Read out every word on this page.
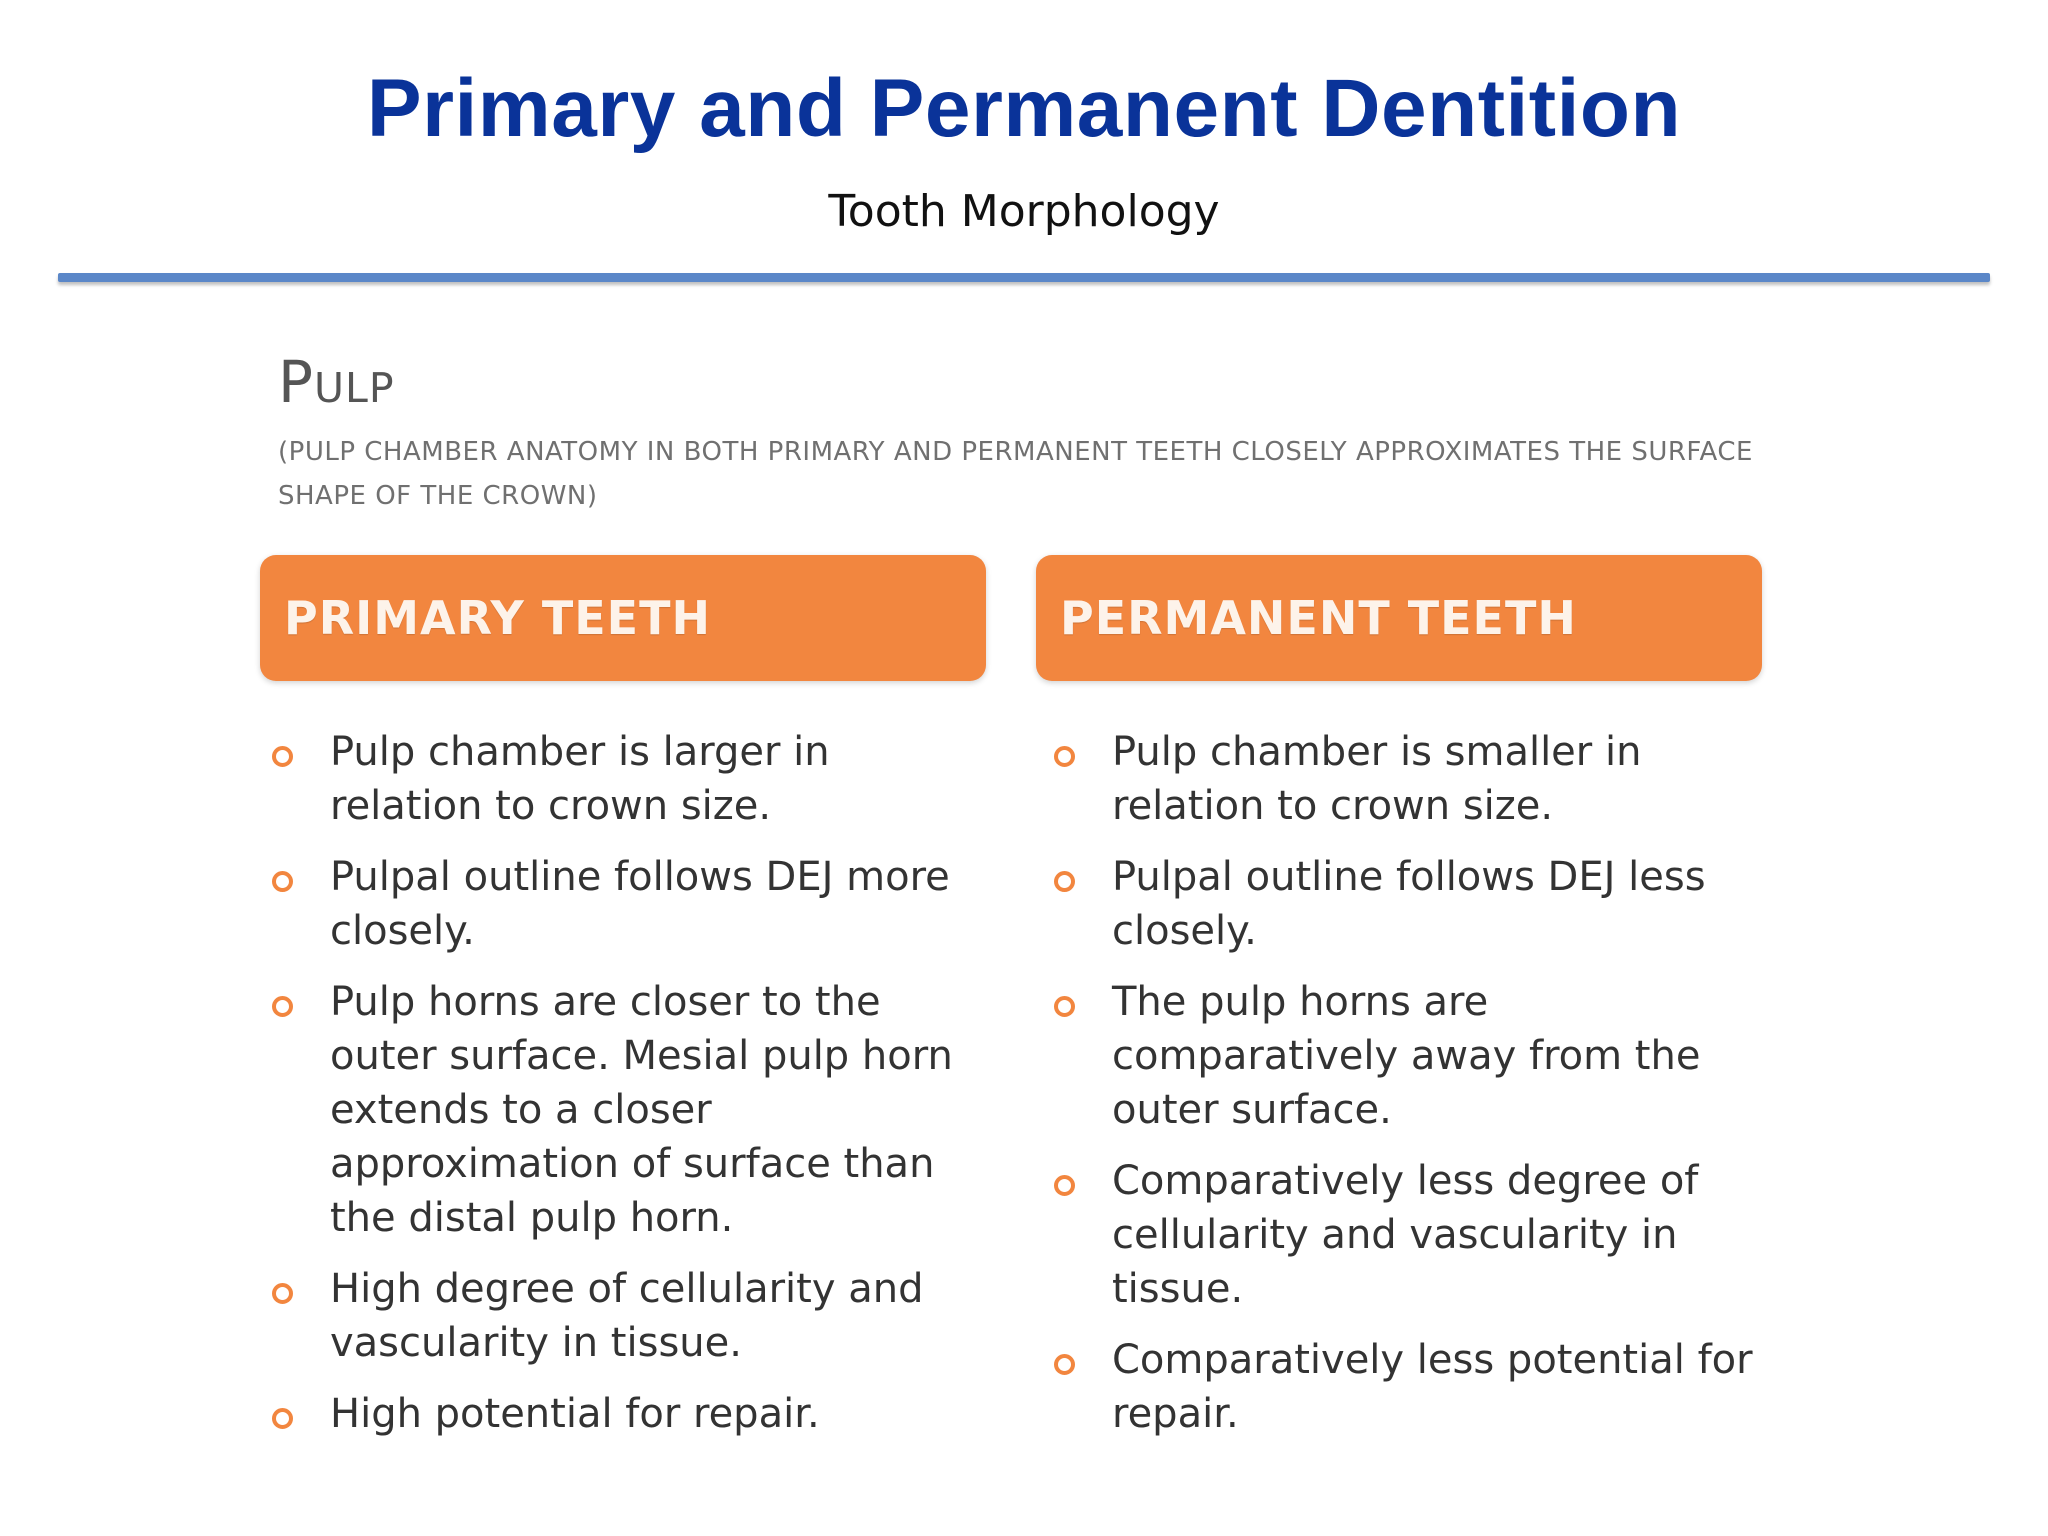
Primary and Permanent Dentition
Tooth Morphology
Pulp

(PULP CHAMBER ANATOMY IN BOTH PRIMARY AND PERMANENT TEETH CLOSELY APPROXIMATES THE SURFACE SHAPE OF THE CROWN)

PRIMARY TEETH	PERMANENT TEETH
Pulp chamber is larger in relation to crown size.
Pulpal outline follows DEJ more closely.
Pulp horns are closer to the outer surface. Mesial pulp horn extends to a closer approximation of surface than the distal pulp horn.
High degree of cellularity and vascularity in tissue.
High potential for repair.
Pulp chamber is smaller in relation to crown size.
Pulpal outline follows DEJ less closely.
The pulp horns are comparatively away from the outer surface.
Comparatively less degree of cellularity and vascularity in tissue.
Comparatively less potential for repair.
